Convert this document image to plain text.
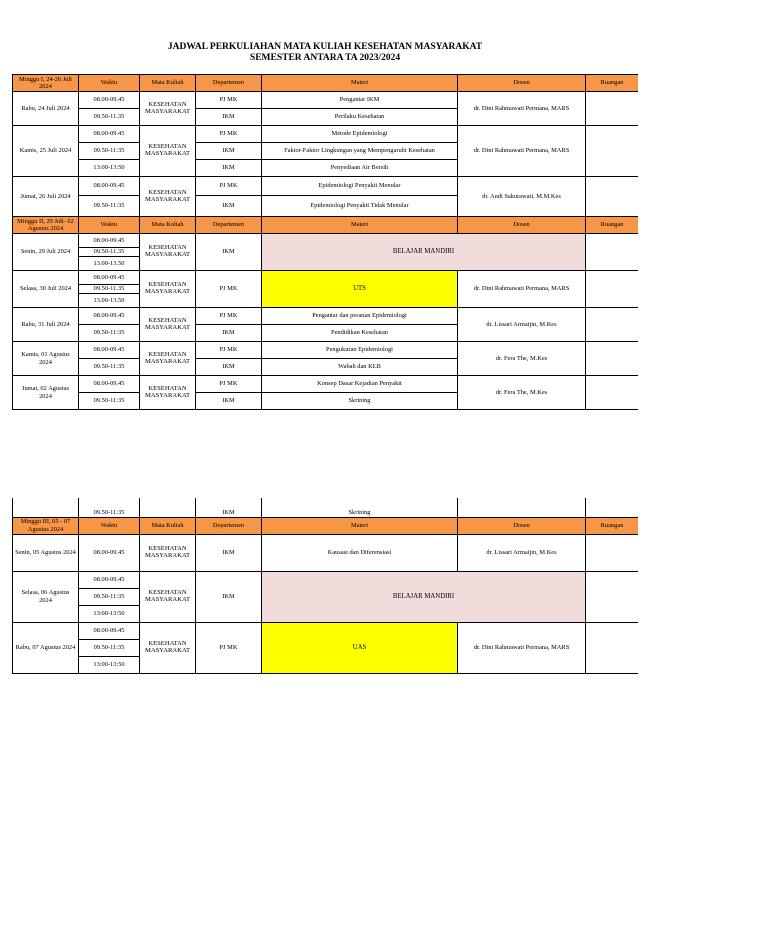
JADWAL PERKULIAHAN MATA KULIAH KESEHATAN MASYARAKAT
SEMESTER ANTARA TA 2023/2024
Minggu I, 24-26 Juli 2024	Waktu	Mata Kuliah	Departemen	Materi	Dosen	Ruangan
Rabu, 24 Juli 2024	08.00-09.45	KESEHATAN MASYARAKAT	PJ MK	Pengantar IKM	dr. Dini Rahmawati Permana, MARS	
	09.50-11.35		IKM	Perilaku Kesehatan		
Kamis, 25 Juli 2024	08.00-09.45	KESEHATAN MASYARAKAT	PJ MK	Metode Epidemiologi	dr. Dini Rahmawati Permana, MARS	
	09.50-11:35		IKM	Faktor-Faktor Lingkungan yang Mempengaruhi Kesehatan		
	13:00-13:50		IKM	Penyediaan Air Bersih		
Jumat, 26 Juli 2024	08.00-09.45	KESEHATAN MASYARAKAT	PJ MK	Epidemiologi Penyakit Menular	dr. Andi Sakurawati, M.M.Kes	
	09.50-11:35		IKM	Epidemiologi Penyakit Tidak Menular		
Minggu II, 29 Juli- 02 Agustus 2024	Waktu	Mata Kuliah	Departemen	Materi	Dosen	Ruangan
Senin, 29 Juli 2024	08.00-09.45	KESEHATAN MASYARAKAT	IKM	BELAJAR MANDIRI		
	09.50-11.35					
	13.00-13.50					
Selasa, 30 Juli 2024	08.00-09.45	KESEHATAN MASYARAKAT	PJ MK	UTS	dr. Dini Rahmawati Permana, MARS	
	09.50-11.35					
	13.00-13.50					
Rabu, 31 Juli 2024	08.00-09.45	KESEHATAN MASYARAKAT	PJ MK	Pengantar dan peranan Epidemiologi	dr. Lissari Armaijin, M.Kes	
	09.50-11:35		IKM	Pendidikan Kesehatan		
Kamis, 01 Agustus 2024	08.00-09.45	KESEHATAN MASYARAKAT	PJ MK	Pengukuran Epidemiologi	dr. Fera The, M.Kes	
	09.50-11:35		IKM	Wabah dan KLB		
Jumat, 02 Agustus 2024	08.00-09.45	KESEHATAN MASYARAKAT	PJ MK	Konsep Dasar Kejadian Penyakit	dr. Fera The, M.Kes	
	09.50-11:35		IKM	Skrining		
	09.50-11:35		IKM	Skrining		
Minggu III, 05 - 07 Agustus 2024	Waktu	Mata Kuliah	Departemen	Materi	Dosen	Ruangan
Senin, 05 Agustus 2024	08.00-09.45	KESEHATAN MASYARAKAT	IKM	Kausasi dan Diferensiasi	dr. Lissari Armaijin, M.Kes	
Selasa, 06 Agustus 2024	08.00-09.45	KESEHATAN MASYARAKAT	IKM	BELAJAR MANDIRI		
	09.50-11:35					
	13:00-13:50					
Rabu, 07 Agustus 2024	08.00-09.45	KESEHATAN MASYARAKAT	PJ MK	UAS	dr. Dini Rahmawati Permana, MARS	
	09.50-11:35					
	13:00-13:50					
